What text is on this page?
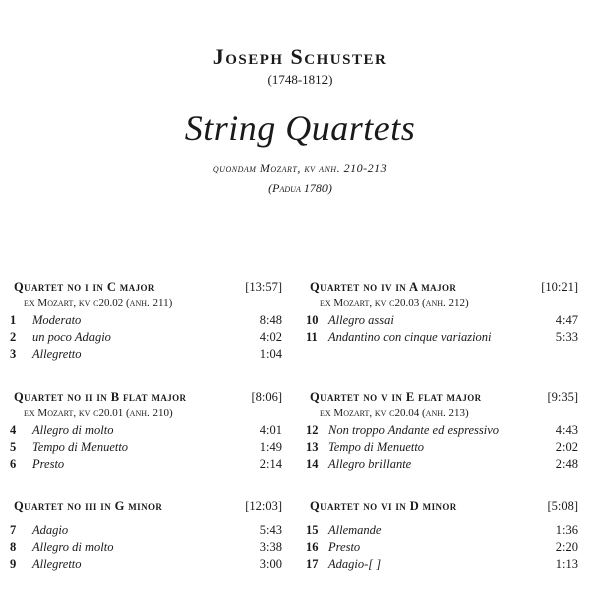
Joseph Schuster
(1748-1812)
String Quartets
quondam Mozart, kv anh. 210-213
(Padua 1780)
Quartet no i in C major	[13:57]
ex Mozart, kv c20.02 (anh. 211)
1	Moderato	8:48
2	un poco Adagio	4:02
3	Allegretto	1:04
Quartet no ii in B flat major	[8:06]
ex Mozart, kv c20.01 (anh. 210)
4	Allegro di molto	4:01
5	Tempo di Menuetto	1:49
6	Presto	2:14
Quartet no iii in G minor	[12:03]
7	Adagio	5:43
8	Allegro di molto	3:38
9	Allegretto	3:00
Quartet no iv in A major	[10:21]
ex Mozart, kv c20.03 (anh. 212)
10 Allegro assai	4:47
11 Andantino con cinque variazioni	5:33
Quartet no v in E flat major	[9:35]
ex Mozart, kv c20.04 (anh. 213)
12 Non troppo Andante ed espressivo	4:43
13 Tempo di Menuetto	2:02
14 Allegro brillante	2:48
Quartet no vi in D minor	[5:08]
15 Allemande	1:36
16 Presto	2:20
17 Adagio-[ ]	1:13
